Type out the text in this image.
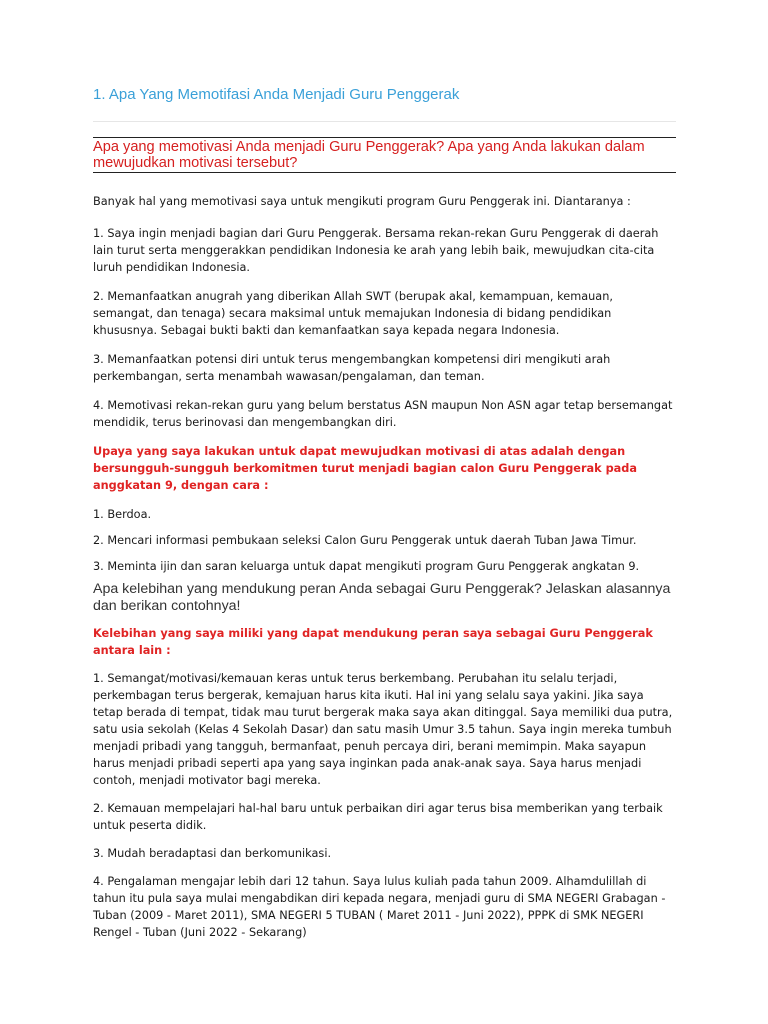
1. Apa Yang Memotifasi Anda Menjadi Guru Penggerak
Apa yang memotivasi Anda menjadi Guru Penggerak? Apa yang Anda lakukan dalam mewujudkan motivasi tersebut?

Banyak hal yang memotivasi saya untuk mengikuti program Guru Penggerak ini. Diantaranya :

1. Saya ingin menjadi bagian dari Guru Penggerak. Bersama rekan-rekan Guru Penggerak di daerah lain turut serta menggerakkan pendidikan Indonesia ke arah yang lebih baik, mewujudkan cita-cita luruh pendidikan Indonesia.

2. Memanfaatkan anugrah yang diberikan Allah SWT (berupak akal, kemampuan, kemauan, semangat, dan tenaga) secara maksimal untuk memajukan Indonesia di bidang pendidikan khususnya. Sebagai bukti bakti dan kemanfaatkan saya kepada negara Indonesia.

3. Memanfaatkan potensi diri untuk terus mengembangkan kompetensi diri mengikuti arah perkembangan, serta menambah wawasan/pengalaman, dan teman.

4. Memotivasi rekan-rekan guru yang belum berstatus ASN maupun Non ASN agar tetap bersemangat mendidik, terus berinovasi dan mengembangkan diri.

Upaya yang saya lakukan untuk dapat mewujudkan motivasi di atas adalah dengan bersungguh-sungguh berkomitmen turut menjadi bagian calon Guru Penggerak pada anggkatan 9, dengan cara :

1. Berdoa.

2. Mencari informasi pembukaan seleksi Calon Guru Penggerak untuk daerah Tuban Jawa Timur.

3. Meminta ijin dan saran keluarga untuk dapat mengikuti program Guru Penggerak angkatan 9.

Apa kelebihan yang mendukung peran Anda sebagai Guru Penggerak? Jelaskan alasannya dan berikan contohnya!

Kelebihan yang saya miliki yang dapat mendukung peran saya sebagai Guru Penggerak antara lain :

1. Semangat/motivasi/kemauan keras untuk terus berkembang. Perubahan itu selalu terjadi, perkembagan terus bergerak, kemajuan harus kita ikuti. Hal ini yang selalu saya yakini. Jika saya tetap berada di tempat, tidak mau turut bergerak maka saya akan ditinggal. Saya memiliki dua putra, satu usia sekolah (Kelas 4 Sekolah Dasar) dan satu masih Umur 3.5 tahun. Saya ingin mereka tumbuh menjadi pribadi yang tangguh, bermanfaat, penuh percaya diri, berani memimpin. Maka sayapun harus menjadi pribadi seperti apa yang saya inginkan pada anak-anak saya. Saya harus menjadi contoh, menjadi motivator bagi mereka.

2. Kemauan mempelajari hal-hal baru untuk perbaikan diri agar terus bisa memberikan yang terbaik untuk peserta didik.

3. Mudah beradaptasi dan berkomunikasi.

4. Pengalaman mengajar lebih dari 12 tahun. Saya lulus kuliah pada tahun 2009. Alhamdulillah di tahun itu pula saya mulai mengabdikan diri kepada negara, menjadi guru di SMA NEGERI Grabagan - Tuban (2009 - Maret 2011), SMA NEGERI 5 TUBAN ( Maret 2011 - Juni 2022), PPPK di SMK NEGERI Rengel - Tuban (Juni 2022 - Sekarang)
